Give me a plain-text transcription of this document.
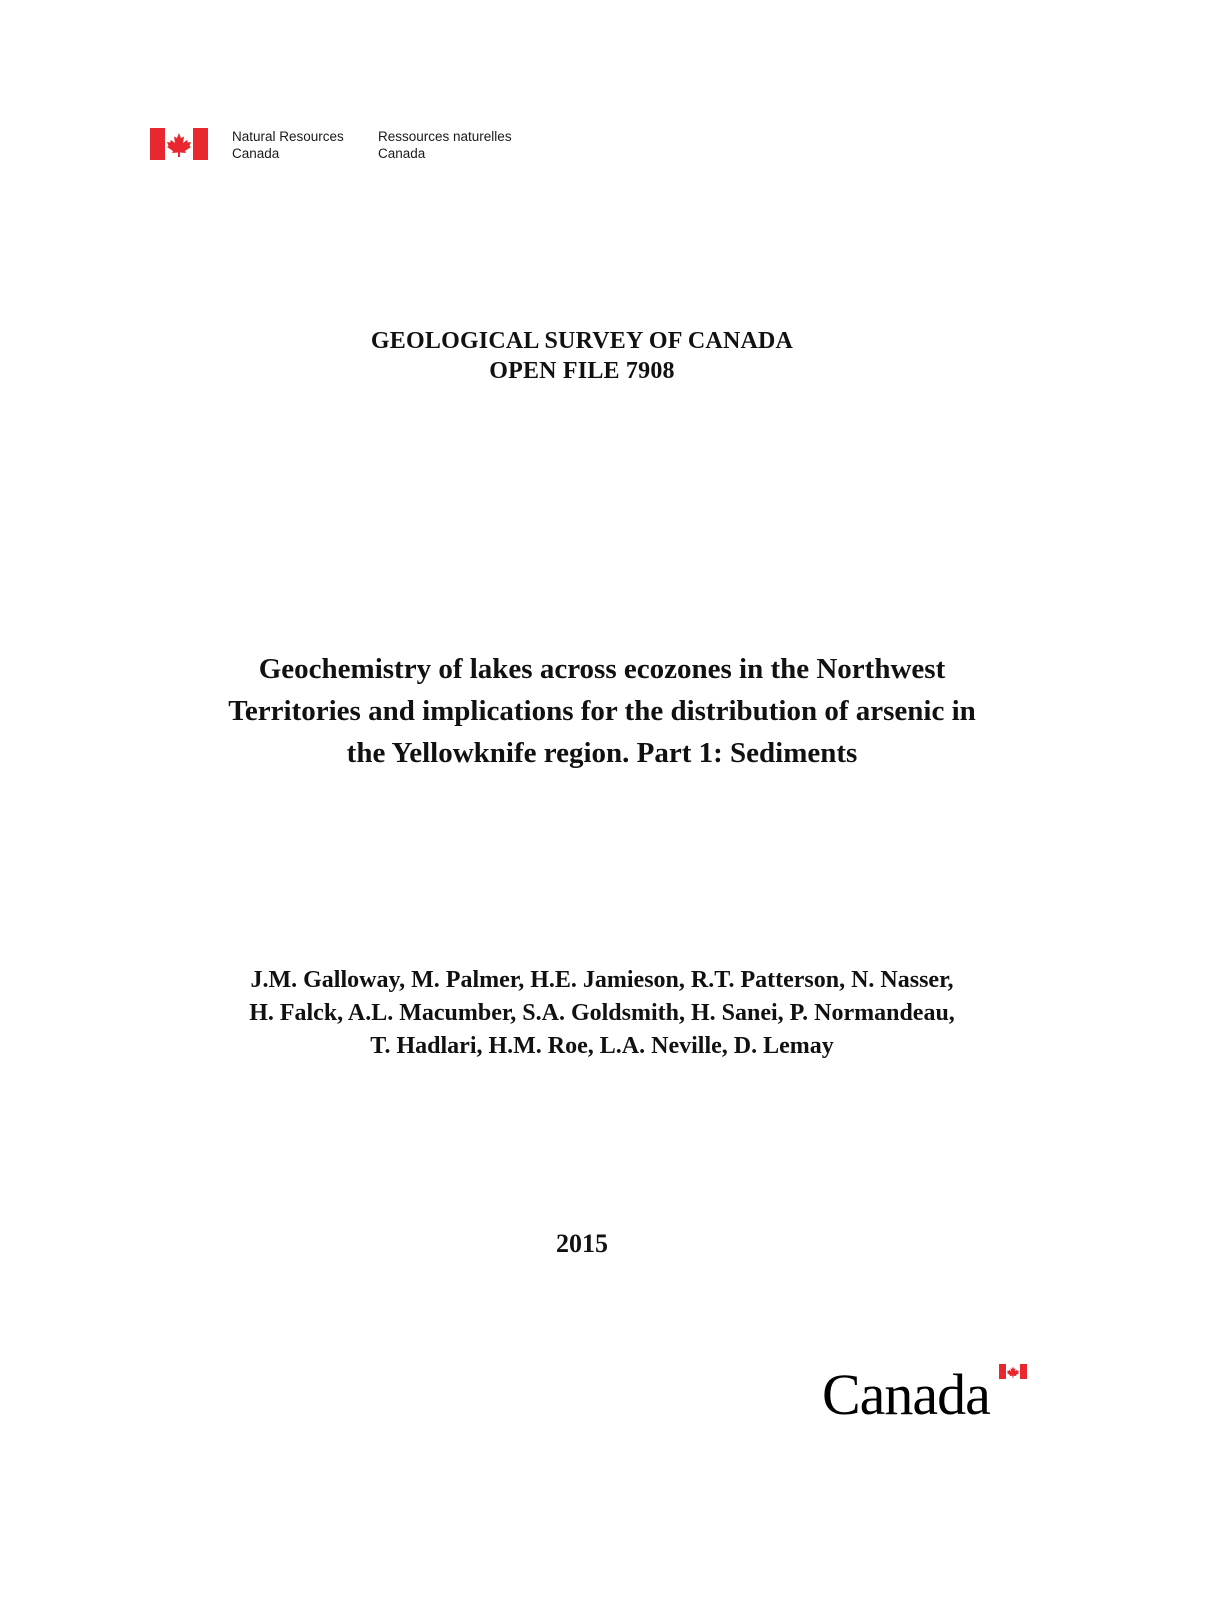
Natural Resources
Canada
Ressources naturelles
Canada
GEOLOGICAL SURVEY OF CANADA
OPEN FILE 7908
Geochemistry of lakes across ecozones in the Northwest
Territories and implications for the distribution of arsenic in
the Yellowknife region. Part 1: Sediments
J.M. Galloway, M. Palmer, H.E. Jamieson, R.T. Patterson, N. Nasser,
H. Falck, A.L. Macumber, S.A. Goldsmith, H. Sanei, P. Normandeau,
T. Hadlari, H.M. Roe, L.A. Neville, D. Lemay
2015
Canada
